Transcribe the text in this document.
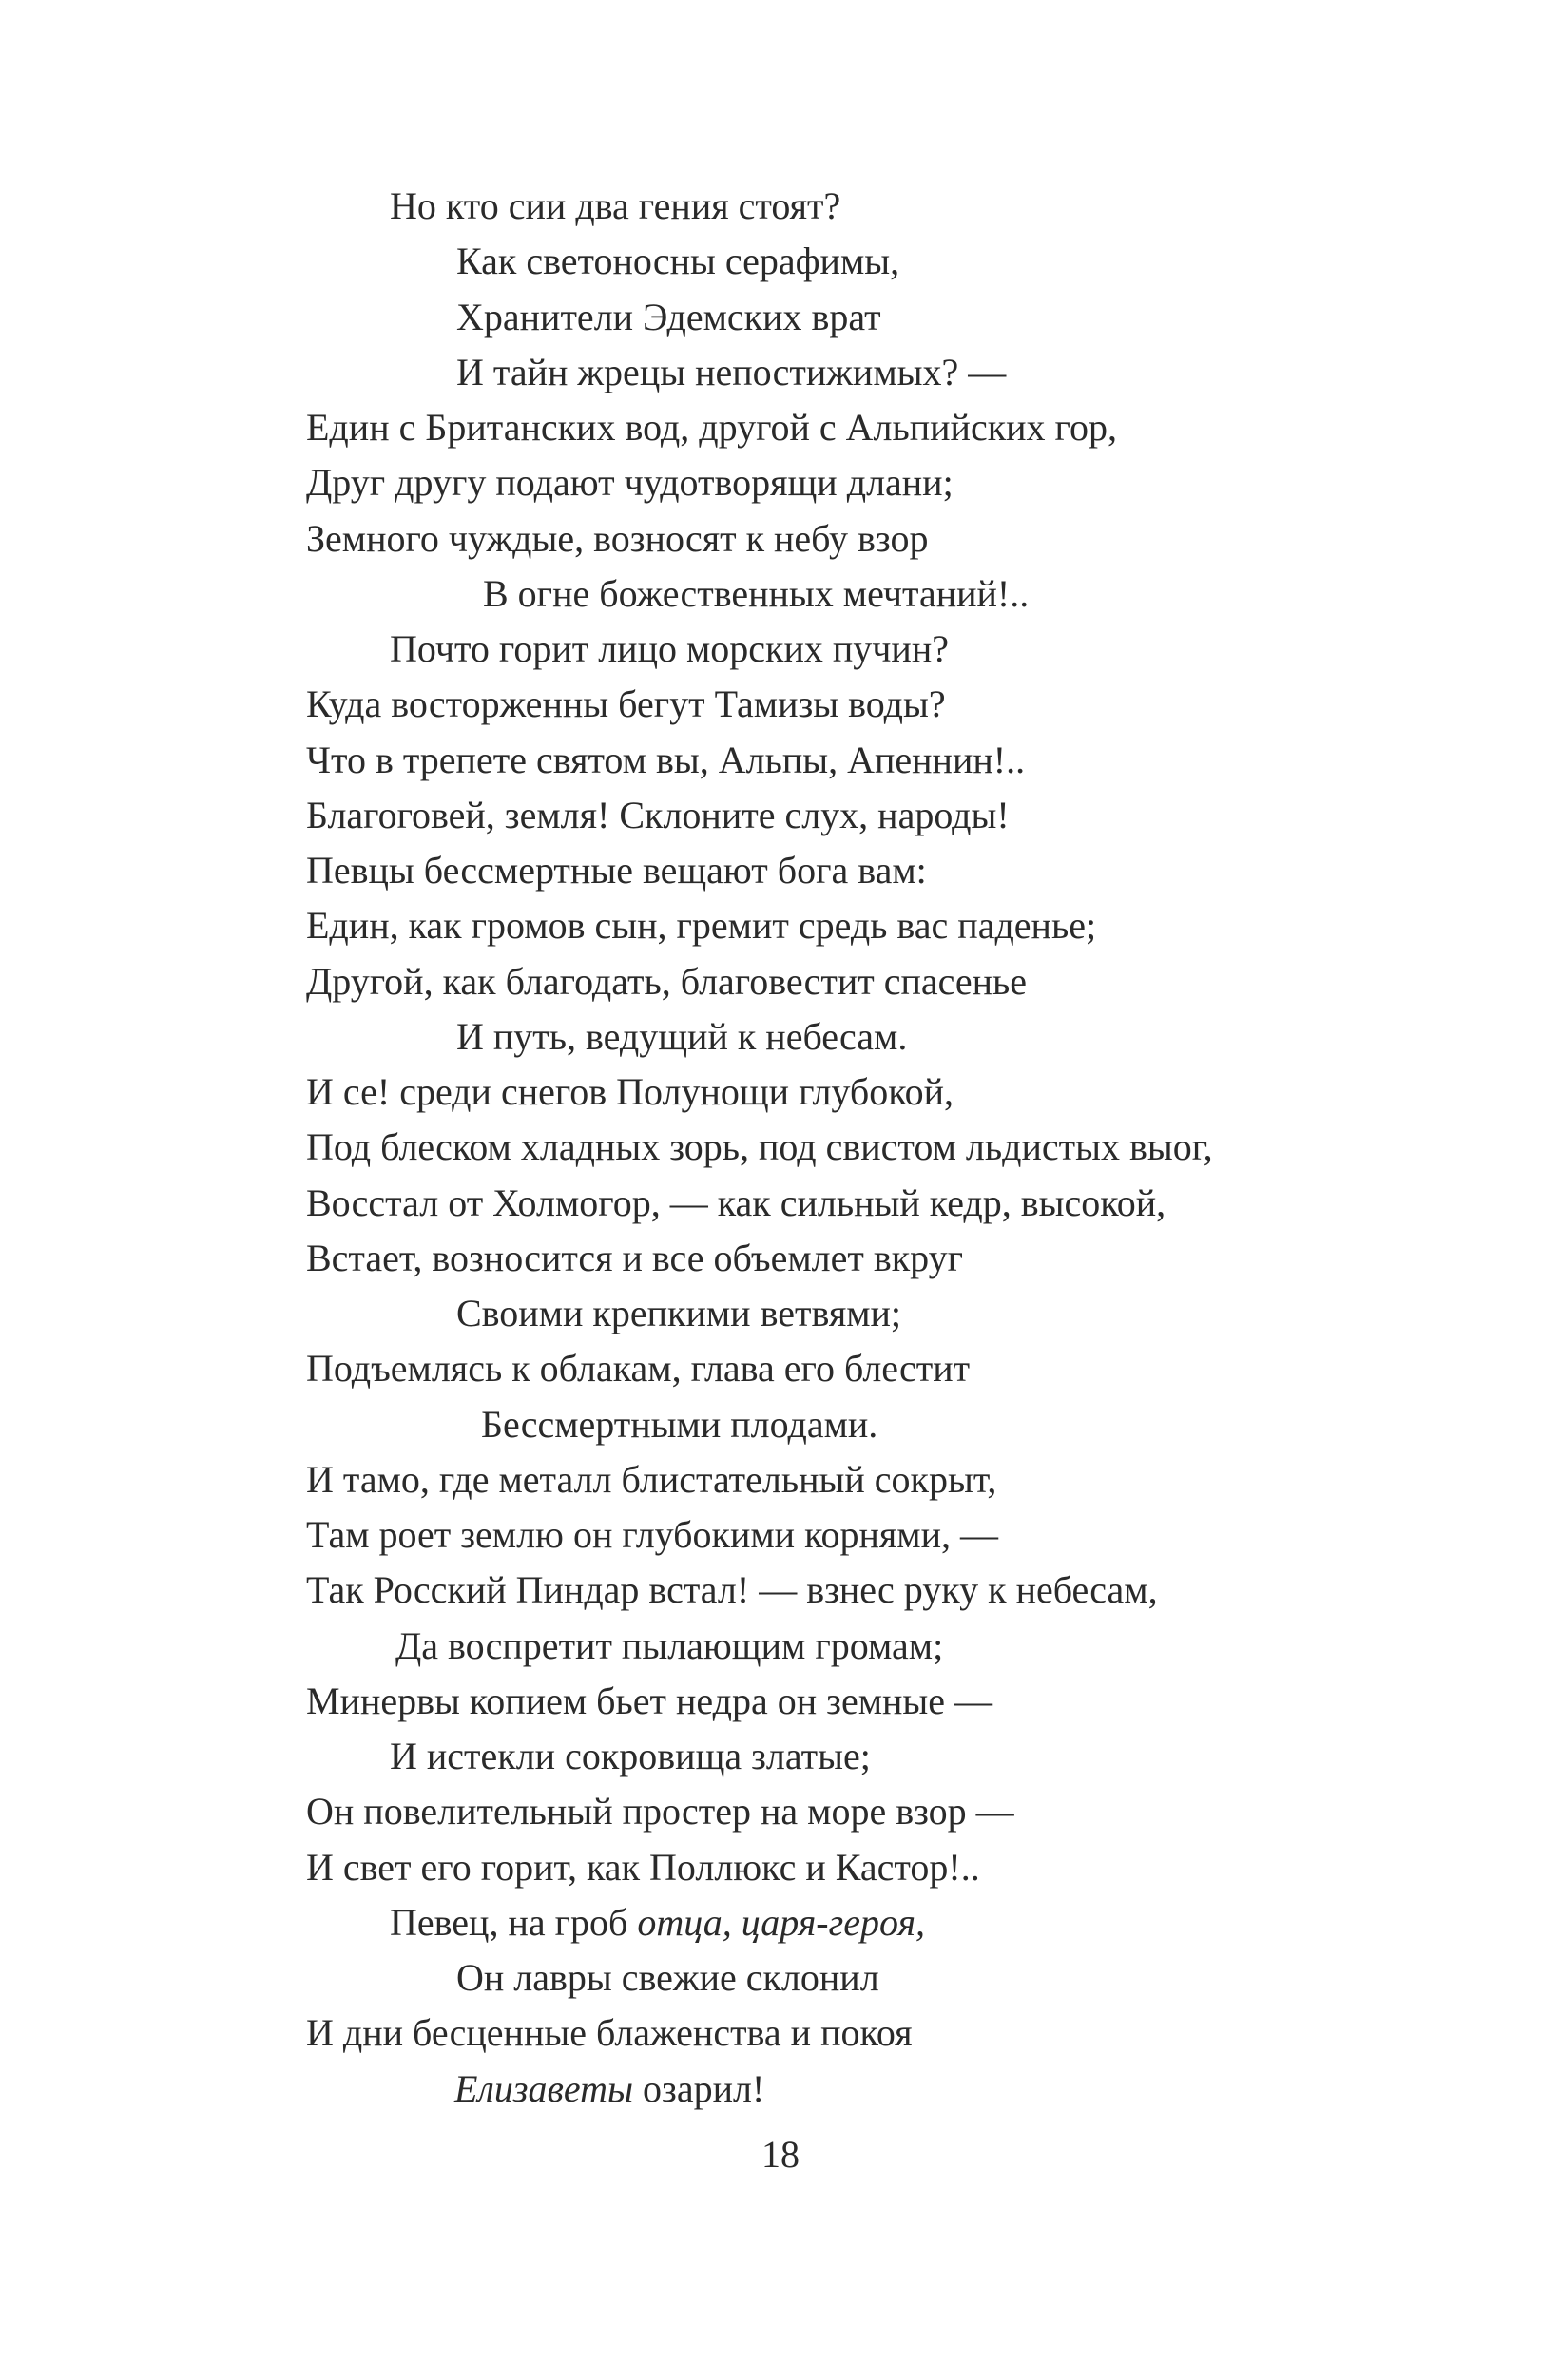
Но кто сии два гения стоят?
Как светоносны серафимы,
Хранители Эдемских врат
И тайн жрецы непостижимых? —
Един с Британских вод, другой с Альпийских гор,
Друг другу подают чудотворящи длани;
Земного чуждые, возносят к небу взор
В огне божественных мечтаний!..
Почто горит лицо морских пучин?
Куда восторженны бегут Тамизы воды?
Что в трепете святом вы, Альпы, Апеннин!..
Благоговей, земля! Склоните слух, народы!
Певцы бессмертные вещают бога вам:
Един, как громов сын, гремит средь вас паденье;
Другой, как благодать, благовестит спасенье
И путь, ведущий к небесам.
И се! среди снегов Полунощи глубокой,
Под блеском хладных зорь, под свистом льдистых выог,
Восстал от Холмогор, — как сильный кедр, высокой,
Встает, возносится и все объемлет вкруг
Своими крепкими ветвями;
Подъемлясь к облакам, глава его блестит
Бессмертными плодами.
И тамо, где металл блистательный сокрыт,
Там роет землю он глубокими корнями, —
Так Росский Пиндар встал! — взнес руку к небесам,
Да воспретит пылающим громам;
Минервы копием бьет недра он земные —
И истекли сокровища златые;
Он повелительный простер на море взор —
И свет его горит, как Поллюкс и Кастор!..
Певец, на гроб отца, царя-героя,
Он лавры свежие склонил
И дни бесценные блаженства и покоя
Елизаветы озарил!
18
